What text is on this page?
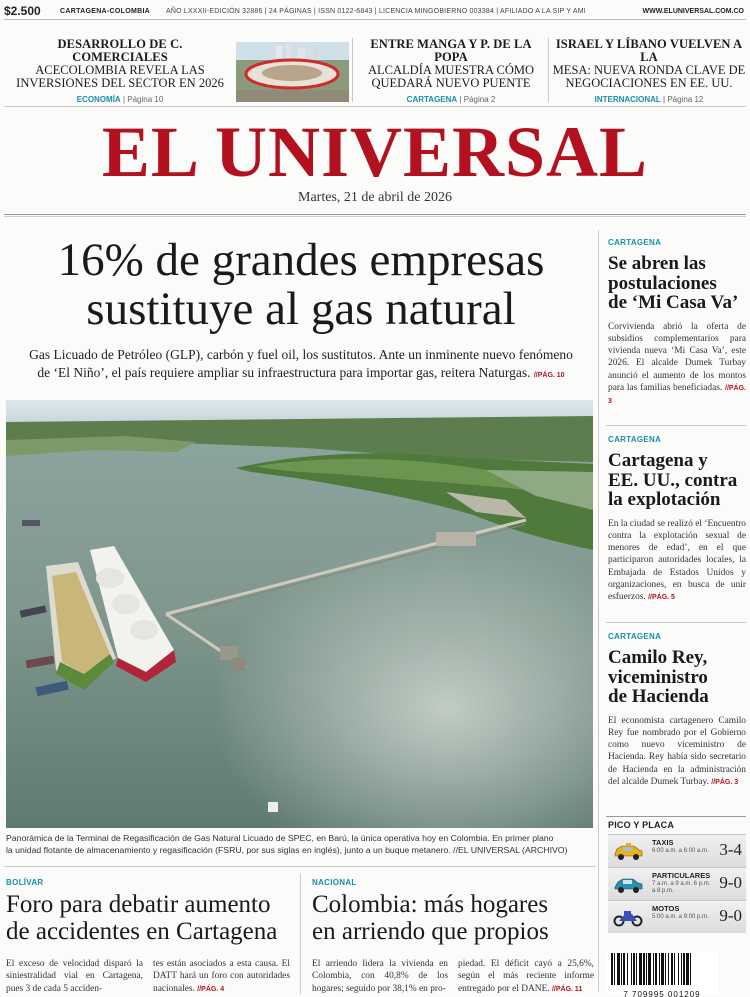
$2.500	CARTAGENA-COLOMBIA AÑO LXXXII-EDICIÓN 32886 | 24 PÁGINAS | ISSN 0122-6843 | LICENCIA MINGOBIERNO 003384 | AFILIADO A LA SIP Y AMI	WWW.ELUNIVERSAL.COM.CO
DESARROLLO DE C. COMERCIALES
ACECOLOMBIA REVELA LAS
INVERSIONES DEL SECTOR EN 2026
ECONOMÍA | Página 10
ENTRE MANGA Y P. DE LA POPA
ALCALDÍA MUESTRA CÓMO
QUEDARÁ NUEVO PUENTE
CARTAGENA | Página 2
ISRAEL Y LÍBANO VUELVEN A LA
MESA: NUEVA RONDA CLAVE DE
NEGOCIACIONES EN EE. UU.
INTERNACIONAL | Página 12
EL UNIVERSAL
Martes, 21 de abril de 2026
16% de grandes empresas
sustituye al gas natural
Gas Licuado de Petróleo (GLP), carbón y fuel oil, los sustitutos. Ante un inminente nuevo fenómeno
de ‘El Niño’, el país requiere ampliar su infraestructura para importar gas, reitera Naturgas. //PÁG. 10
Panorámica de la Terminal de Regasificación de Gas Natural Licuado de SPEC, en Barú, la única operativa hoy en Colombia. En primer plano
la unidad flotante de almacenamiento y regasificación (FSRU, por sus siglas en inglés), junto a un buque metanero. //EL UNIVERSAL (ARCHIVO)
CARTAGENA
Se abren las
postulaciones
de ‘Mi Casa Va’
Corvivienda abrió la oferta de subsidios complementarios para vivienda nueva ‘Mi Casa Va’, este 2026. El alcalde Dumek Turbay anunció el aumento de los montos para las familias beneficiadas. //PÁG. 3
CARTAGENA
Cartagena y
EE. UU., contra
la explotación
En la ciudad se realizó el ‘Encuentro contra la explotación sexual de menores de edad’, en el que participaron autoridades locales, la Embajada de Estados Unidos y organizaciones, en busca de unir esfuerzos. //PÁG. 5
CARTAGENA
Camilo Rey,
viceministro
de Hacienda
El economista cartagenero Camilo Rey fue nombrado por el Gobierno como nuevo viceministro de Hacienda. Rey había sido secretario de Hacienda en la administración del alcalde Dumek Turbay. //PÁG. 3
PICO Y PLACA
TAXIS
6:00 a.m. a 6:00 a.m. 3-4
PARTICULARES
7 a.m. a 9 a.m. 6 p.m. a 8 p.m.	9-0
MOTOS
5:00 a.m. a 9:00 p.m. 9-0
7 709995 001209
BOLÍVAR
Foro para debatir aumento
de accidentes en Cartagena
El exceso de velocidad disparó la siniestralidad vial en Cartagena, pues 3 de cada 5 acciden-
tes están asociados a esta causa. El DATT hará un foro con autoridades nacionales. //PÁG. 4
NACIONAL
Colombia: más hogares
en arriendo que propios
El arriendo lidera la vivienda en Colombia, con 40,8% de los hogares; seguido por 38,1% en pro-
piedad. El déficit cayó a 25,6%, según el más reciente informe entregado por el DANE. //PÁG. 11
